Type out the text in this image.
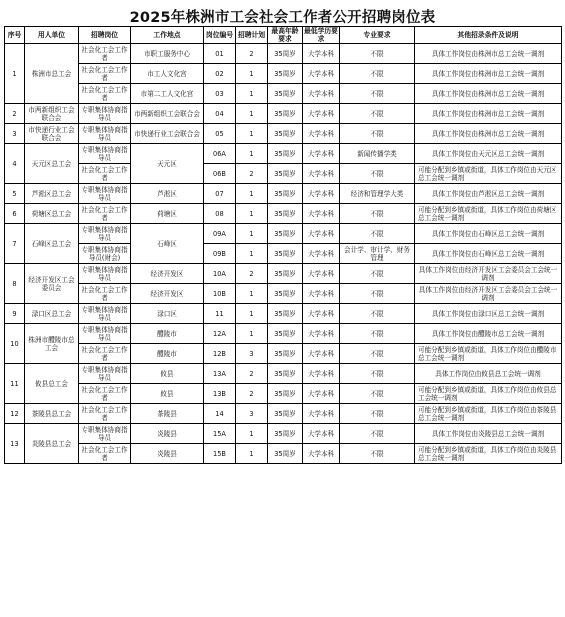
2025年株洲市工会社会工作者公开招聘岗位表
序号	用人单位	招聘岗位	工作地点	岗位编号	招聘计划	最高年龄要求	最低学历要求	专业要求	其他招录条件及说明
1	株洲市总工会	社会化工会工作者	市职工服务中心	01	2	35周岁	大学本科	不限	具体工作岗位由株洲市总工会统一调剂
		社会化工会工作者	市工人文化宫	02	1	35周岁	大学本科	不限	具体工作岗位由株洲市总工会统一调剂
		社会化工会工作者	市第二工人文化宫	03	1	35周岁	大学本科	不限	具体工作岗位由株洲市总工会统一调剂
2	市两新组织工会联合会	专职集体协商指导员	市两新组织工会联合会	04	1	35周岁	大学本科	不限	具体工作岗位由株洲市总工会统一调剂
3	市快递行业工会联合会	专职集体协商指导员	市快递行业工会联合会	05	1	35周岁	大学本科	不限	具体工作岗位由株洲市总工会统一调剂
4	天元区总工会	专职集体协商指导员	天元区	06A	1	35周岁	大学本科	新闻传播学类	具体工作岗位由天元区总工会统一调剂
		社会化工会工作者		06B	2	35周岁	大学本科	不限	可能分配到乡镇或街道，具体工作岗位由天元区总工会统一调剂
5	芦淞区总工会	专职集体协商指导员	芦淞区	07	1	35周岁	大学本科	经济和管理学大类	具体工作岗位由芦淞区总工会统一调剂
6	荷塘区总工会	社会化工会工作者	荷塘区	08	1	35周岁	大学本科	不限	可能分配到乡镇或街道，具体工作岗位由荷塘区总工会统一调剂
7	石峰区总工会	专职集体协商指导员	石峰区	09A	1	35周岁	大学本科	不限	具体工作岗位由石峰区总工会统一调剂
		专职集体协商指导员(财会)		09B	1	35周岁	大学本科	会计学、审计学、财务管理	具体工作岗位由石峰区总工会统一调剂
8	经济开发区工会委员会	专职集体协商指导员	经济开发区	10A	2	35周岁	大学本科	不限	具体工作岗位由经济开发区工会委员会工会统一调剂
		社会化工会工作者	经济开发区	10B	1	35周岁	大学本科	不限	具体工作岗位由经济开发区工会委员会工会统一调剂
9	渌口区总工会	专职集体协商指导员	渌口区	11	1	35周岁	大学本科	不限	具体工作岗位由渌口区总工会统一调剂
10	株洲市醴陵市总工会	专职集体协商指导员	醴陵市	12A	1	35周岁	大学本科	不限	具体工作岗位由醴陵市总工会统一调剂
		社会化工会工作者	醴陵市	12B	3	35周岁	大学本科	不限	可能分配到乡镇或街道，具体工作岗位由醴陵市总工会统一调剂
11	攸县总工会	专职集体协商指导员	攸县	13A	2	35周岁	大学本科	不限	具体工作岗位由攸县总工会统一调剂
		社会化工会工作者	攸县	13B	2	35周岁	大学本科	不限	可能分配到乡镇或街道，具体工作岗位由攸县总工会统一调剂
12	茶陵县总工会	社会化工会工作者	茶陵县	14	3	35周岁	大学本科	不限	可能分配到乡镇或街道，具体工作岗位由茶陵县总工会统一调剂
13	炎陵县总工会	专职集体协商指导员	炎陵县	15A	1	35周岁	大学本科	不限	具体工作岗位由炎陵县总工会统一调剂
		社会化工会工作者	炎陵县	15B	1	35周岁	大学本科	不限	可能分配到乡镇或街道，具体工作岗位由炎陵县总工会统一调剂
